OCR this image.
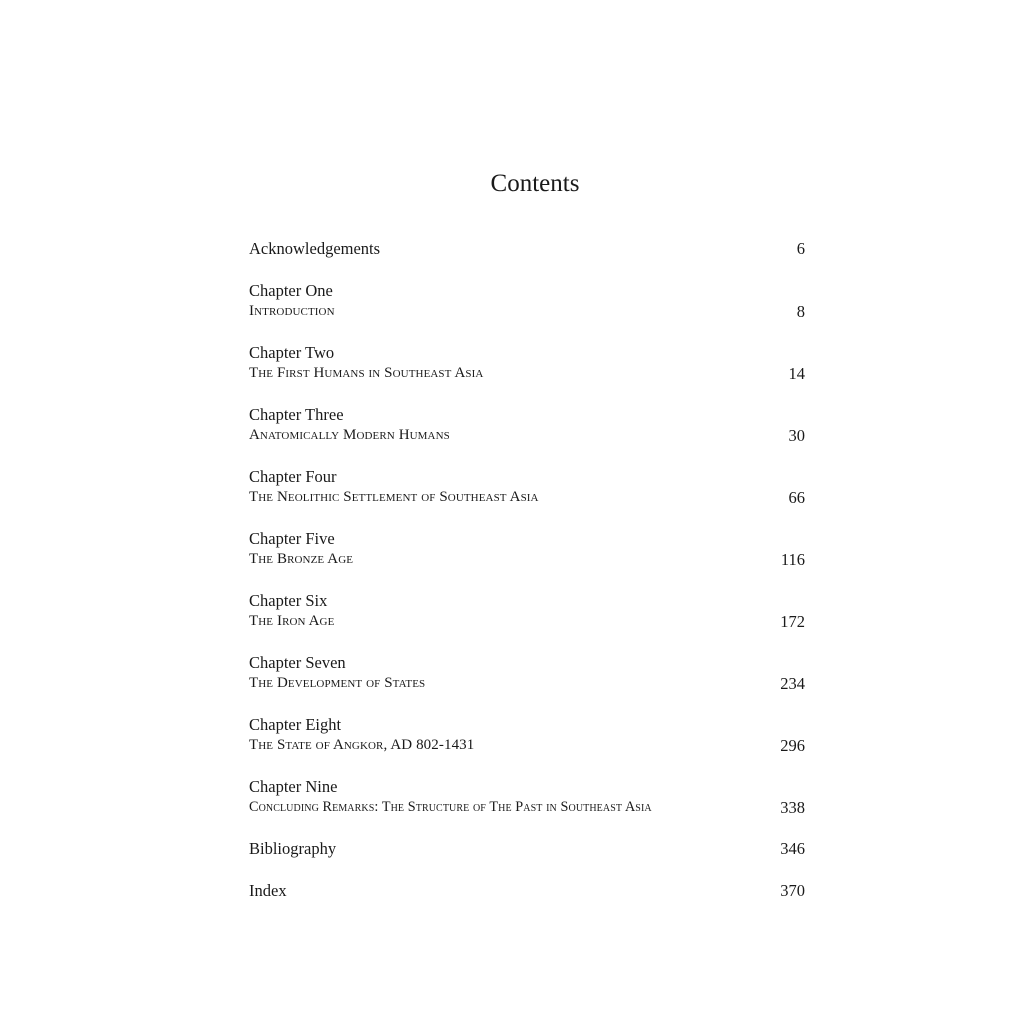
Contents
Acknowledgements	6
Chapter One
Introduction	8
Chapter Two
The First Humans in Southeast Asia	14
Chapter Three
Anatomically Modern Humans	30
Chapter Four
The Neolithic Settlement of Southeast Asia	66
Chapter Five
The Bronze Age	116
Chapter Six
The Iron Age	172
Chapter Seven
The Development of States	234
Chapter Eight
The State of Angkor, AD 802-1431	296
Chapter Nine
Concluding Remarks: The Structure of The Past in Southeast Asia	338
Bibliography	346
Index	370
